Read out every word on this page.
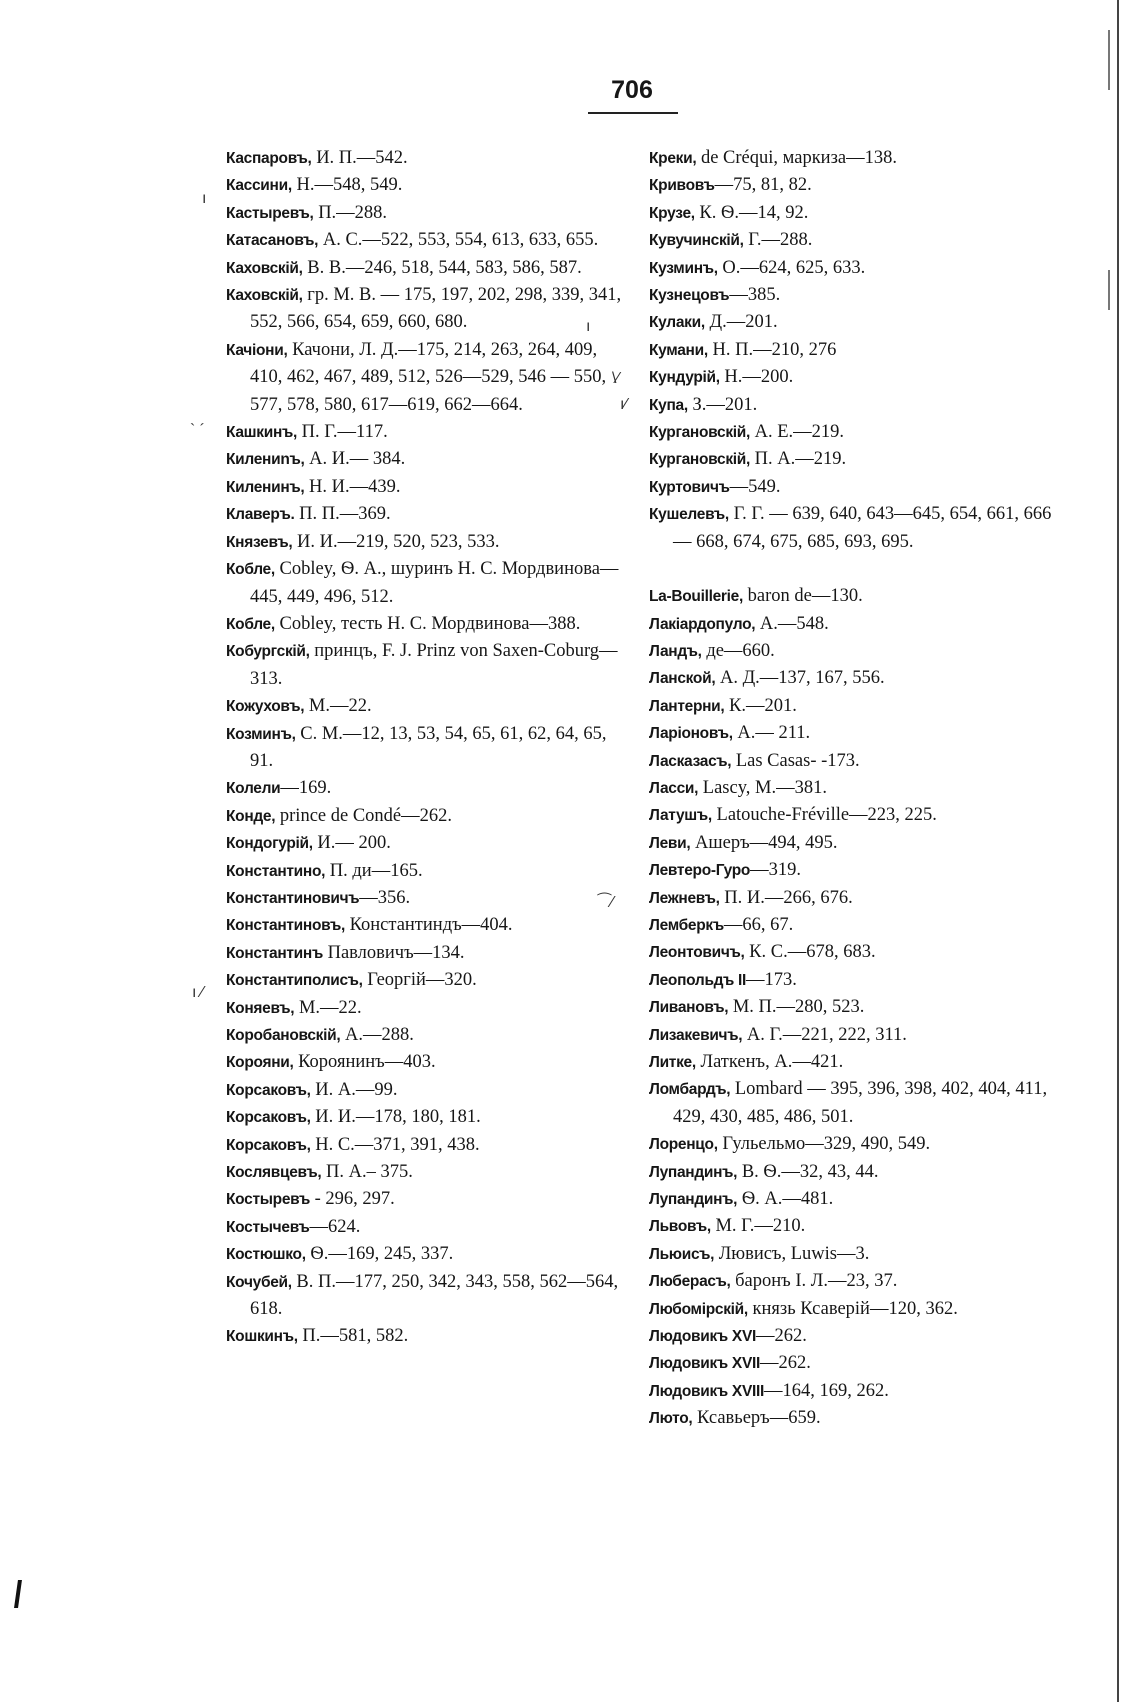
706
ı
\⁄
ı⁄
` ´
ı
⁀⁄
ı ⁄
Каспаровъ, И. П.—542.
Кассини, Н.—548, 549.
Кастыревъ, П.—288.
Катасановъ, А. С.—522, 553, 554, 613, 633, 655.
Каховскій, В. В.—246, 518, 544, 583, 586, 587.
Каховскій, гр. М. В. — 175, 197, 202, 298, 339, 341, 552, 566, 654, 659, 660, 680.
Качіони, Качони, Л. Д.—175, 214, 263, 264, 409, 410, 462, 467, 489, 512, 526—529, 546 — 550, 577, 578, 580, 617—619, 662—664.
Кашкинъ, П. Г.—117.
Килениnъ, А. И.— 384.
Киленинъ, Н. И.—439.
Клаверъ. П. П.—369.
Князевъ, И. И.—219, 520, 523, 533.
Кобле, Cobley, Ѳ. А., шуринъ Н. С. Мордвинова—445, 449, 496, 512.
Кобле, Cobley, тесть Н. С. Мордвинова—388.
Кобургскій, принцъ, F. J. Prinz von Saxen-Coburg— 313.
Кожуховъ, М.—22.
Козминъ, С. М.—12, 13, 53, 54, 65, 61, 62, 64, 65, 91.
Колели—169.
Конде, prince de Condé—262.
Кондогурій, И.— 200.
Константино, П. ди—165.
Константиновичъ—356.
Константиновъ, Константиндъ—404.
Константинъ Павловичъ—134.
Константиполисъ, Георгій—320.
Коняевъ, М.—22.
Коробановскій, А.—288.
Корояни, Короянинъ—403.
Корсаковъ, И. А.—99.
Корсаковъ, И. И.—178, 180, 181.
Корсаковъ, Н. С.—371, 391, 438.
Кослявцевъ, П. А.– 375.
Костыревъ - 296, 297.
Костычевъ—624.
Костюшко, Ѳ.—169, 245, 337.
Кочубей, В. П.—177, 250, 342, 343, 558, 562—564, 618.
Кошкинъ, П.—581, 582.
Креки, de Créqui, маркиза—138.
Кривовъ—75, 81, 82.
Крузе, К. Ѳ.—14, 92.
Кувучинскій, Г.—288.
Кузминъ, О.—624, 625, 633.
Кузнецовъ—385.
Кулаки, Д.—201.
Кумани, Н. П.—210, 276
Кундурій, Н.—200.
Купа, З.—201.
Кургановскій, А. Е.—219.
Кургановскій, П. А.—219.
Куртовичъ—549.
Кушелевъ, Г. Г. — 639, 640, 643—645, 654, 661, 666 — 668, 674, 675, 685, 693, 695.
La-Bouillerie, baron de—130.
Лакіардопуло, А.—548.
Ландъ, де—660.
Ланской, А. Д.—137, 167, 556.
Лантерни, К.—201.
Ларіоновъ, А.— 211.
Ласказасъ, Las Casas- -173.
Ласси, Lascy, М.—381.
Латушъ, Latouche-Fréville—223, 225.
Леви, Ашеръ—494, 495.
Левтеро-Гуро—319.
Лежневъ, П. И.—266, 676.
Лемберкъ—66, 67.
Леонтовичъ, К. С.—678, 683.
Леопольдъ II—173.
Ливановъ, М. П.—280, 523.
Лизакевичъ, А. Г.—221, 222, 311.
Литке, Латкенъ, А.—421.
Ломбардъ, Lombard — 395, 396, 398, 402, 404, 411, 429, 430, 485, 486, 501.
Лоренцо, Гульельмо—329, 490, 549.
Лупандинъ, В. Ѳ.—32, 43, 44.
Лупандинъ, Ѳ. А.—481.
Львовъ, М. Г.—210.
Льюисъ, Лювисъ, Luwis—3.
Люберасъ, баронъ I. Л.—23, 37.
Любомірскій, князь Ксаверій—120, 362.
Людовикъ XVI—262.
Людовикъ XVII—262.
Людовикъ XVIII—164, 169, 262.
Люто, Ксавьеръ—659.
